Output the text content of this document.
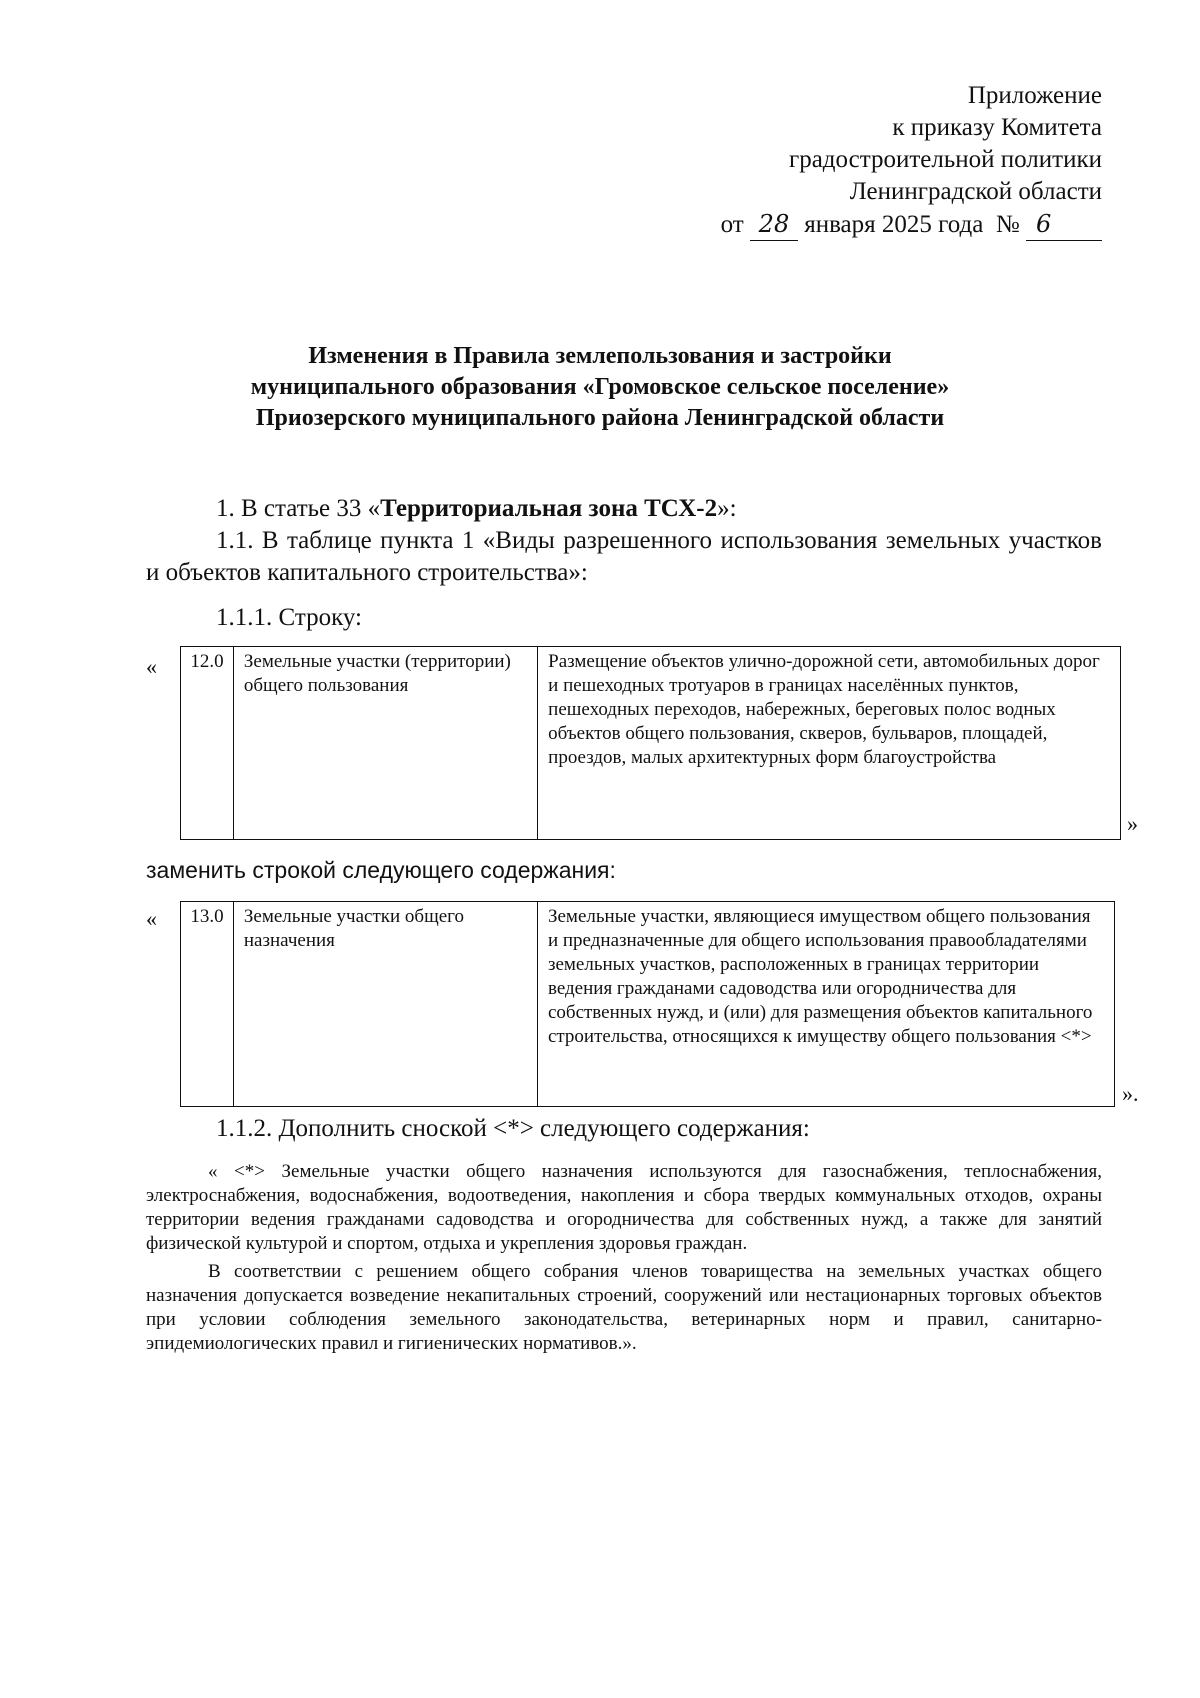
Приложение
к приказу Комитета
градостроительной политики
Ленинградской области
от 28 января 2025 года № 6
Изменения в Правила землепользования и застройки
муниципального образования «Громовское сельское поселение»
Приозерского муниципального района Ленинградской области
1. В статье 33 «Территориальная зона ТСХ-2»:
1.1. В таблице пункта 1 «Виды разрешенного использования земельных участков и объектов капитального строительства»:
1.1.1. Строку:
« 12.0	Земельные участки (территории) общего пользования	Размещение объектов улично-дорожной сети, автомобильных дорог и пешеходных тротуаров в границах населённых пунктов, пешеходных переходов, набережных, береговых полос водных объектов общего пользования, скверов, бульваров, площадей, проездов, малых архитектурных форм благоустройства
»
заменить строкой следующего содержания:
« 13.0	Земельные участки общего назначения	Земельные участки, являющиеся имуществом общего пользования и предназначенные для общего использования правообладателями земельных участков, расположенных в границах территории ведения гражданами садоводства или огородничества для собственных нужд, и (или) для размещения объектов капитального строительства, относящихся к имуществу общего пользования <*>
».
1.1.2. Дополнить сноской <*> следующего содержания:

« <*> Земельные участки общего назначения используются для газоснабжения, теплоснабжения, электроснабжения, водоснабжения, водоотведения, накопления и сбора твердых коммунальных отходов, охраны территории ведения гражданами садоводства и огородничества для собственных нужд, а также для занятий физической культурой и спортом, отдыха и укрепления здоровья граждан.

В соответствии с решением общего собрания членов товарищества на земельных участках общего назначения допускается возведение некапитальных строений, сооружений или нестационарных торговых объектов при условии соблюдения земельного законодательства, ветеринарных норм и правил, санитарно-эпидемиологических правил и гигиенических нормативов.».
